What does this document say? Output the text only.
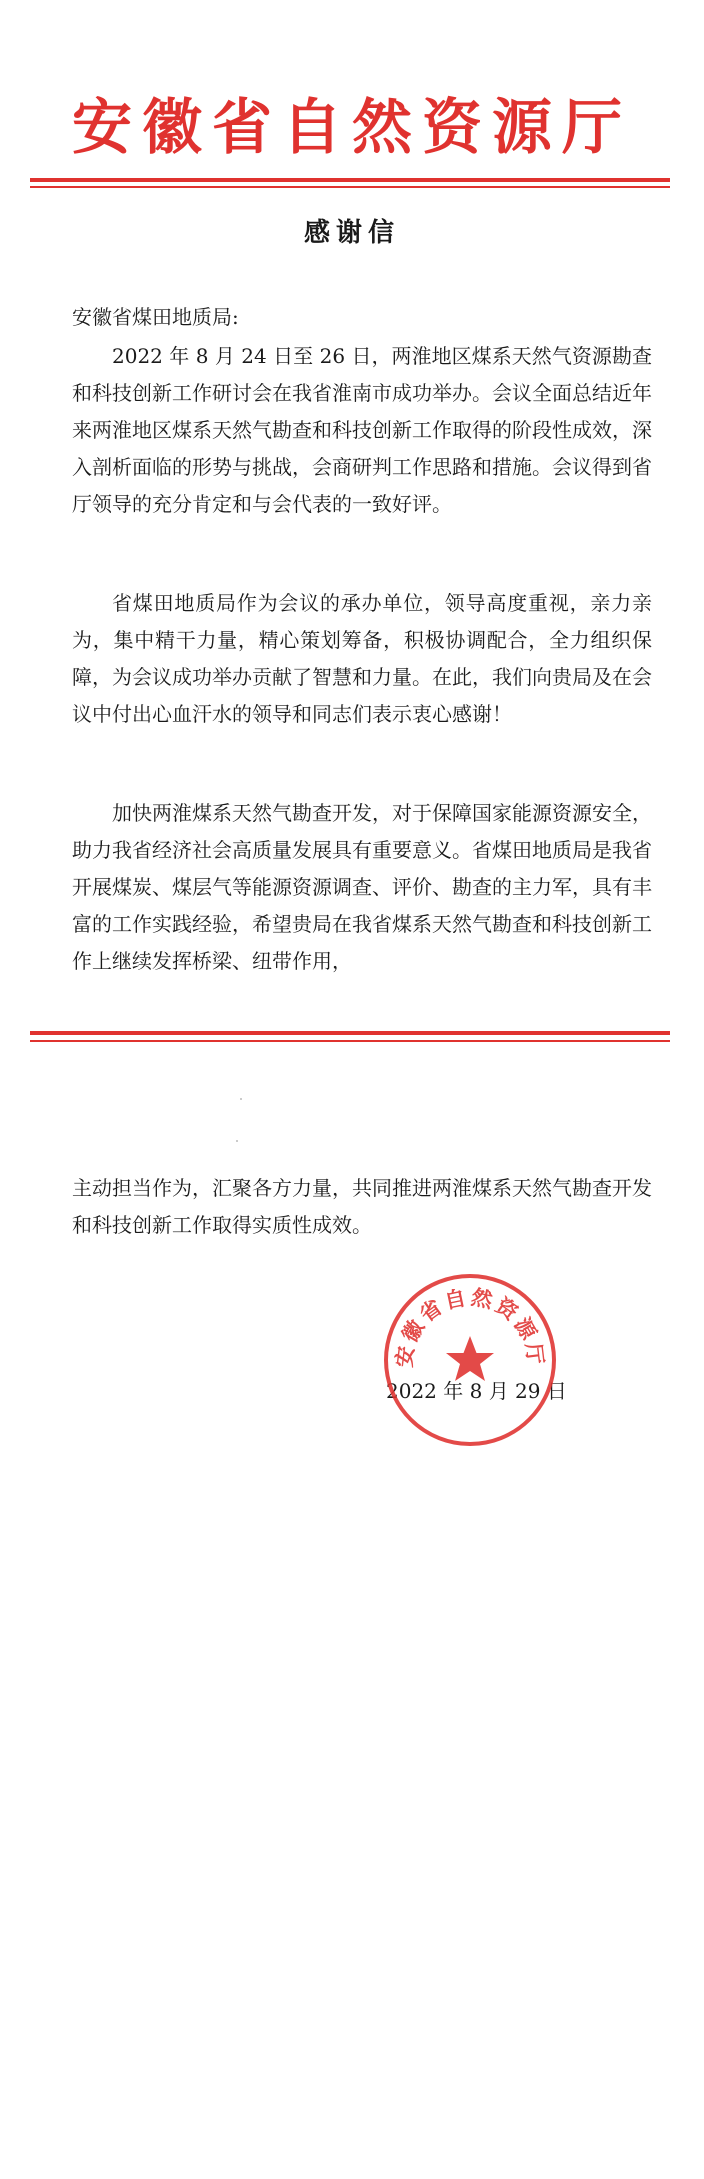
安徽省自然资源厅
感谢信
安徽省煤田地质局:

2022 年 8 月 24 日至 26 日，两淮地区煤系天然气资源勘查和科技创新工作研讨会在我省淮南市成功举办。会议全面总结近年来两淮地区煤系天然气勘查和科技创新工作取得的阶段性成效，深入剖析面临的形势与挑战，会商研判工作思路和措施。会议得到省厅领导的充分肯定和与会代表的一致好评。

省煤田地质局作为会议的承办单位，领导高度重视，亲力亲为，集中精干力量，精心策划筹备，积极协调配合，全力组织保障，为会议成功举办贡献了智慧和力量。在此，我们向贵局及在会议中付出心血汗水的领导和同志们表示衷心感谢！

加快两淮煤系天然气勘查开发，对于保障国家能源资源安全，助力我省经济社会高质量发展具有重要意义。省煤田地质局是我省开展煤炭、煤层气等能源资源调查、评价、勘查的主力军，具有丰富的工作实践经验，希望贵局在我省煤系天然气勘查和科技创新工作上继续发挥桥梁、纽带作用，

主动担当作为，汇聚各方力量，共同推进两淮煤系天然气勘查开发和科技创新工作取得实质性成效。

2022 年 8 月 29 日
安徽省自然资源厅
